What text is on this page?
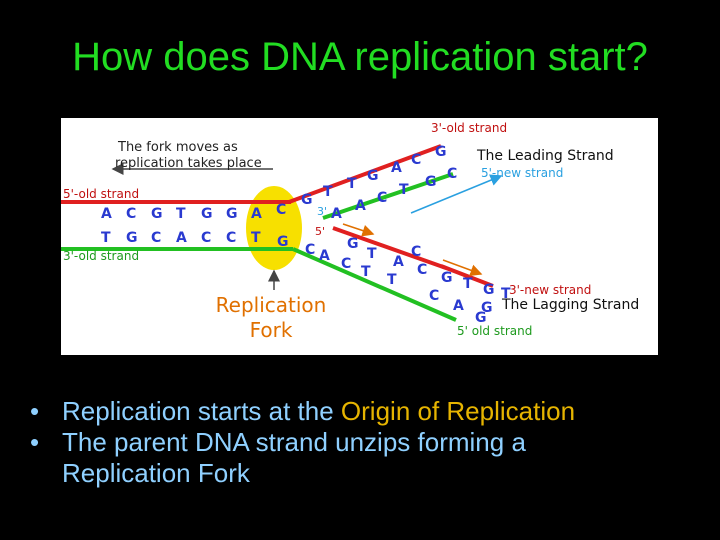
How does DNA replication start?
The fork moves as
replication takes place
3'-old strand
The Leading Strand
5'-new strand
5'-old strand
3'-old strand
3'-new strand
The Lagging Strand
5' old strand
Replication
Fork
3'
5'
A C G T G G A C
T G C A C C T G
G T T G A C G
A A C T G C
G
T A C G T G T
G
C A C T T
C
A G
C
• Replication starts at the Origin of Replication
• The parent DNA strand unzips forming a
Replication Fork
